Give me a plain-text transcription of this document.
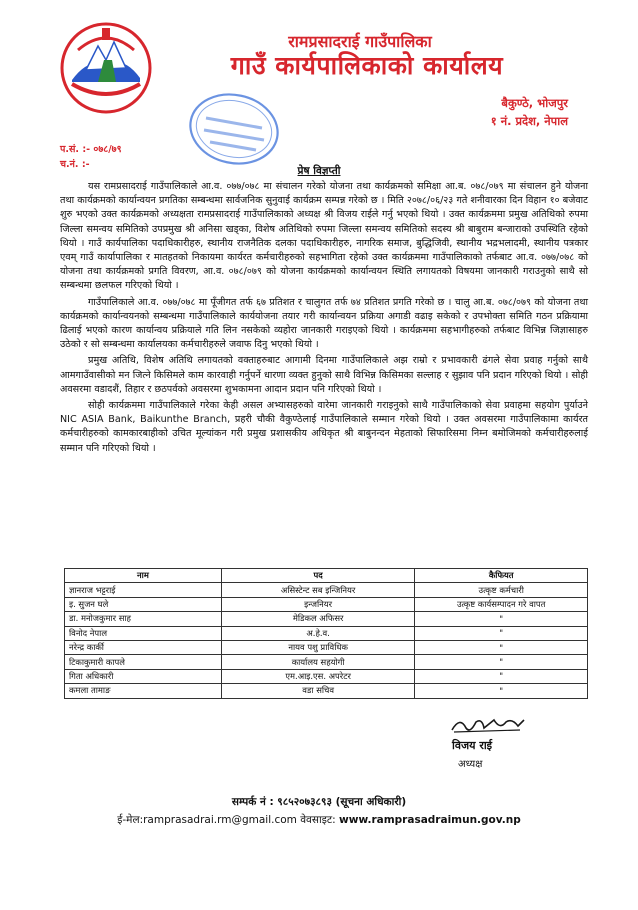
रामप्रसादराई गाउँपालिका
गाउँ कार्यपालिकाको कार्यालय
बैकुण्ठे, भोजपुर
१ नं. प्रदेश, नेपाल
प.सं. :- ०७८/७९
च.नं. :-
प्रेष विज्ञप्ती

यस रामप्रसादराई गाउँपालिकाले आ.व. ०७७/०७८ मा संचालन गरेको योजना तथा कार्यक्रमको समिक्षा आ.ब. ०७८/०७९ मा संचालन हुने योजना तथा कार्यक्रमको कार्यान्वयन प्रगतिका सम्बन्धमा सार्वजनिक सुनुवाई कार्यक्रम सम्पन्न गरेको छ । मिति २०७८/०६/२३ गते शनीवारका दिन विहान १० बजेवाट शुरु भएको उक्त कार्यक्रमको अध्यक्षता रामप्रसादराई गाउँपालिकाको अध्यक्ष श्री विजय राईले गर्नु भएको थियो । उक्त कार्यक्रममा प्रमुख अतिथिको रुपमा जिल्ला समन्वय समितिको उपप्रमुख श्री अनिसा खड्का, विशेष अतिथिको रुपमा जिल्ला समन्वय समितिको सदस्य श्री बाबुराम बन्जाराको उपस्थिति रहेको थियो । गाउँ कार्यपालिका पदाधिकारीहरु, स्थानीय राजनैतिक दलका पदाधिकारीहरु, नागरिक समाज, बुद्धिजिवी, स्थानीय भद्रभलादमी, स्थानीय पत्रकार एवम् गाउँ कार्यापालिका र मातहतको निकायमा कार्यरत कर्मचारीहरुको सहभागिता रहेको उक्त कार्यक्रममा गाउँपालिकाको तर्फबाट आ.व. ०७७/०७८ को योजना तथा कार्यक्रमको प्रगति विवरण, आ.व. ०७८/०७९ को योजना कार्यक्रमको कार्यान्वयन स्थिति लगायतको विषयमा जानकारी गराउनुको साथै सो सम्बन्धमा छलफल गरिएको थियो ।

गाउँपालिकाले आ.व. ०७७/०७८ मा पूँजीगत तर्फ ६७ प्रतिशत र चालुगत तर्फ ७४ प्रतिशत प्रगति गरेको छ । चालु आ.ब. ०७८/०७९ को योजना तथा कार्यक्रमको कार्यान्वयनको सम्बन्धमा गाउँपालिकाले कार्ययोजना तयार गरी कार्यान्वयन प्रक्रिया अगाडी वढाइ सकेको र उपभोक्ता समिति गठन प्रक्रियामा ढिलाई भएको कारण कार्यान्वय प्रक्रियाले गति लिन नसकेको व्यहोरा जानकारी गराइएको थियो । कार्यक्रममा सहभागीहरुको तर्फबाट विभिन्न जिज्ञासाहरु उठेको र सो सम्बन्धमा कार्यालयका कर्मचारीहरुले जवाफ दिनु भएको थियो ।

प्रमुख अतिथि, विशेष अतिथि लगायतको वक्ताहरुबाट आगामी दिनमा गाउँपालिकाले अझ राम्रो र प्रभावकारी ढंगले सेवा प्रवाह गर्नुको साथै आमगाउँवासीको मन जित्ने किसिमले काम कारवाही गर्नुपर्ने धारणा व्यक्त हुनुको साथै विभिन्न किसिमका सल्लाह र सुझाव पनि प्रदान गरिएको थियो । सोही अवसरमा वडादशैं, तिहार र छठपर्वको अवसरमा शुभकामना आदान प्रदान पनि गरिएको थियो ।

सोही कार्यक्रममा गाउँपालिकाले गरेका केही असल अभ्यासहरुको वारेमा जानकारी गराइनुको साथै गाउँपालिकाको सेवा प्रवाहमा सहयोग पुर्याउने NIC ASIA Bank, Baikunthe Branch, प्रहरी चौकी वैकुण्ठेलाई गाउँपालिकाले सम्मान गरेको थियो । उक्त अवसरमा गाउँपालिकामा कार्यरत कर्मचारीहरुको कामकारबाहीको उचित मूल्यांकन गरी प्रमुख प्रशासकीय अधिकृत श्री बाबुनन्दन मेहताको सिफारिसमा निम्न बमोजिमको कर्मचारीहरुलाई सम्मान पनि गरिएको थियो ।

नाम	पद	कैफियत
ज्ञानराज भट्टराई	असिस्टेन्ट सब इन्जिनियर	उत्कृष्ट कर्मचारी
इ. सुजन घले	इन्जनियर	उत्कृष्ट कार्यसम्पादन गरे वापत
डा. मनोजकुमार साह	मेडिकल अफिसर	"
विनोद नेपाल	अ.हे.व.	"
नरेन्द्र कार्की	नायव पशु प्राविधिक	"
टिकाकुमारी कापले	कार्यालय सहयोगी	"
गिता अधिकारी	एम.आइ.एस. अपरेटर	"
कमला तामाङ	वडा सचिव	"
विजय राई
अध्यक्ष
सम्पर्क नं : ९८५२०७३८९३ (सूचना अधिकारी)
ई-मेल:ramprasadrai.rm@gmail.com वेवसाइट: www.ramprasadraimun.gov.np
